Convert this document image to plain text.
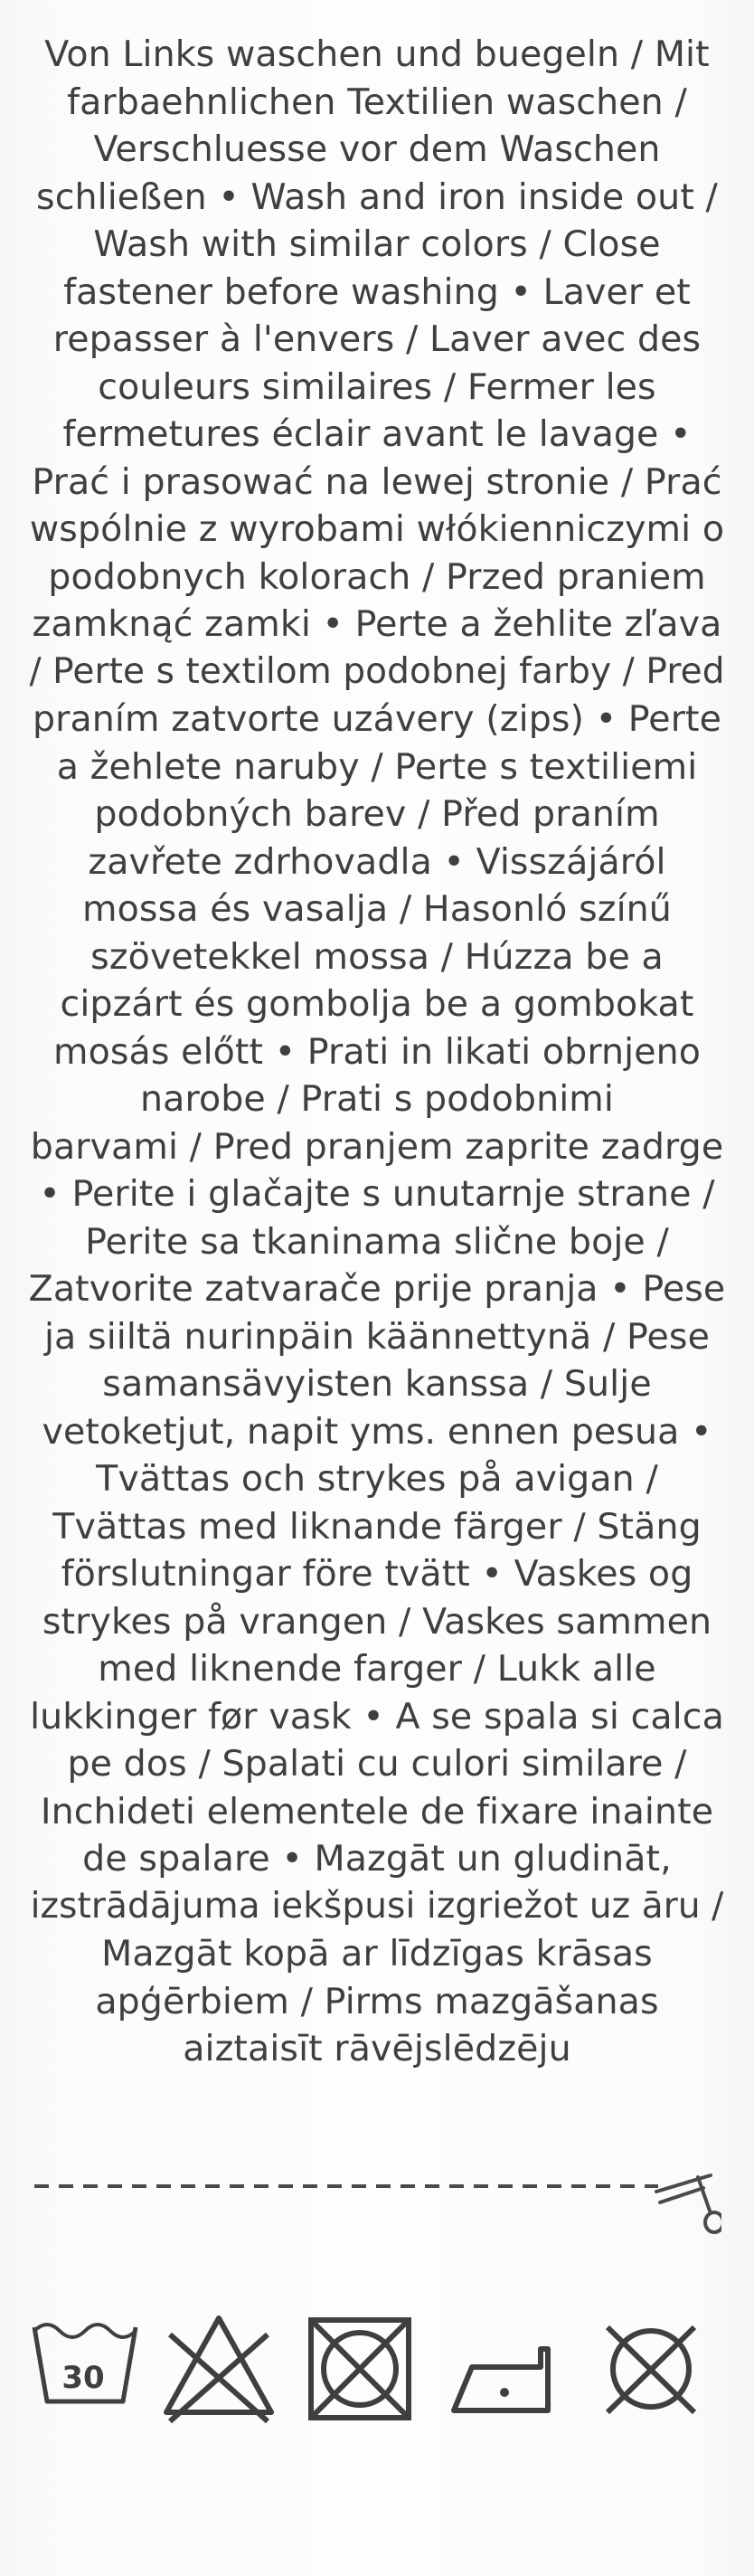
Von Links waschen und buegeln / Mit
farbaehnlichen Textilien waschen /
Verschluesse vor dem Waschen
schließen • Wash and iron inside out /
Wash with similar colors / Close
fastener before washing • Laver et
repasser à l'envers / Laver avec des
couleurs similaires / Fermer les
fermetures éclair avant le lavage •
Prać i prasować na lewej stronie / Prać
wspólnie z wyrobami włókienniczymi o
podobnych kolorach / Przed praniem
zamknąć zamki • Perte a žehlite zľava
/ Perte s textilom podobnej farby / Pred
praním zatvorte uzávery (zips) • Perte
a žehlete naruby / Perte s textiliemi
podobných barev / Před praním
zavřete zdrhovadla • Visszájáról
mossa és vasalja / Hasonló színű
szövetekkel mossa / Húzza be a
cipzárt és gombolja be a gombokat
mosás előtt • Prati in likati obrnjeno
narobe / Prati s podobnimi
barvami / Pred pranjem zaprite zadrge
• Perite i glačajte s unutarnje strane /
Perite sa tkaninama slične boje /
Zatvorite zatvarače prije pranja • Pese
ja siiltä nurinpäin käännettynä / Pese
samansävyisten kanssa / Sulje
vetoketjut, napit yms. ennen pesua •
Tvättas och strykes på avigan /
Tvättas med liknande färger / Stäng
förslutningar före tvätt • Vaskes og
strykes på vrangen / Vaskes sammen
med liknende farger / Lukk alle
lukkinger før vask • A se spala si calca
pe dos / Spalati cu culori similare /
Inchideti elementele de fixare inainte
de spalare • Mazgāt un gludināt,
izstrādājuma iekšpusi izgriežot uz āru /
Mazgāt kopā ar līdzīgas krāsas
apģērbiem / Pirms mazgāšanas
aiztaisīt rāvējslēdzēju
30
